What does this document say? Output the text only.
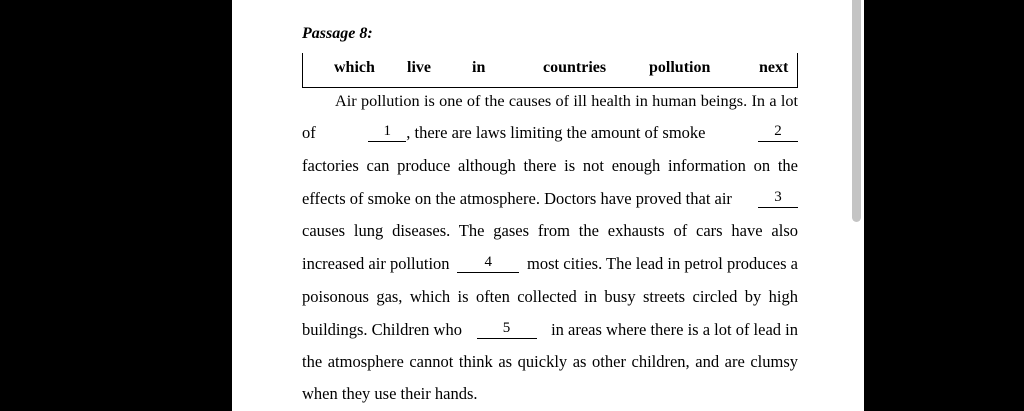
Passage 8:
which live	in	countries	pollution	next
Air pollution is one of the causes of ill health in human beings. In a lot
of	1 , there are laws limiting the amount of smoke	2
factories can produce although there is not enough information on the
effects of smoke on the atmosphere. Doctors have proved that air	3
causes lung diseases. The gases from the exhausts of cars have also
increased air pollution	4	most cities. The lead in petrol produces a
poisonous gas, which is often collected in busy streets circled by high
buildings. Children who	5	in areas where there is a lot of lead in
the atmosphere cannot think as quickly as other children, and are clumsy
when they use their hands.
